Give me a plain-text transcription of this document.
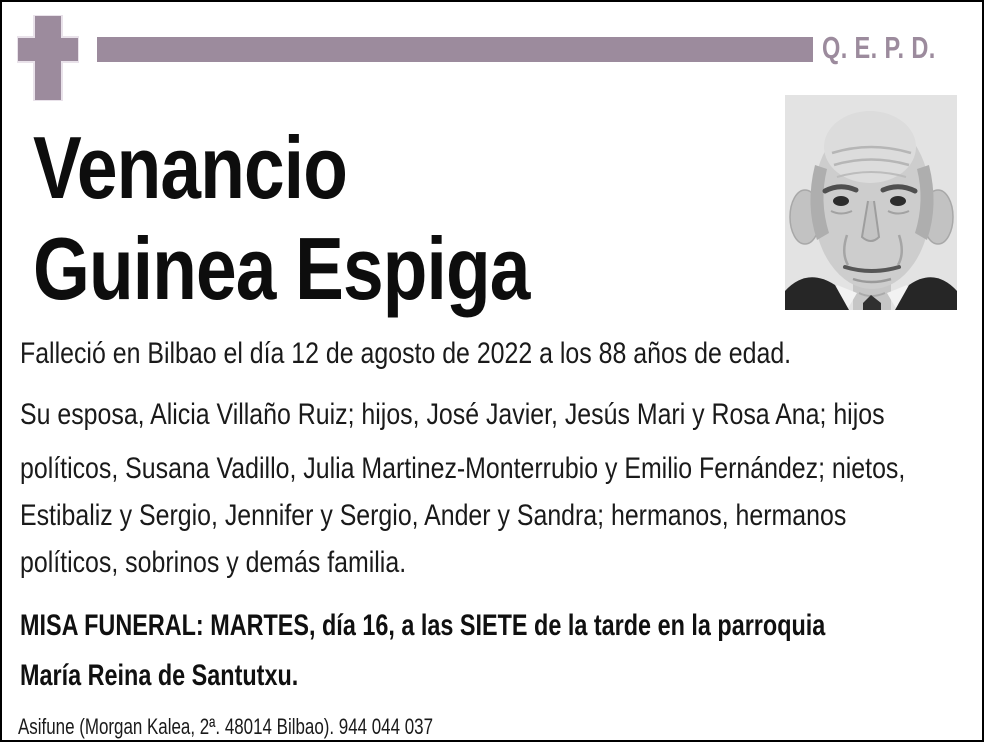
Q. E. P. D.
Venancio
Guinea Espiga
Falleció en Bilbao el día 12 de agosto de 2022 a los 88 años de edad.
Su esposa, Alicia Villaño Ruiz; hijos, José Javier, Jesús Mari y Rosa Ana; hijos
políticos, Susana Vadillo, Julia Martinez-Monterrubio y Emilio Fernández; nietos,
Estibaliz y Sergio, Jennifer y Sergio, Ander y Sandra; hermanos, hermanos
políticos, sobrinos y demás familia.
MISA FUNERAL: MARTES, día 16, a las SIETE de la tarde en la parroquia
María Reina de Santutxu.
Asifune (Morgan Kalea, 2ª. 48014 Bilbao). 944 044 037
